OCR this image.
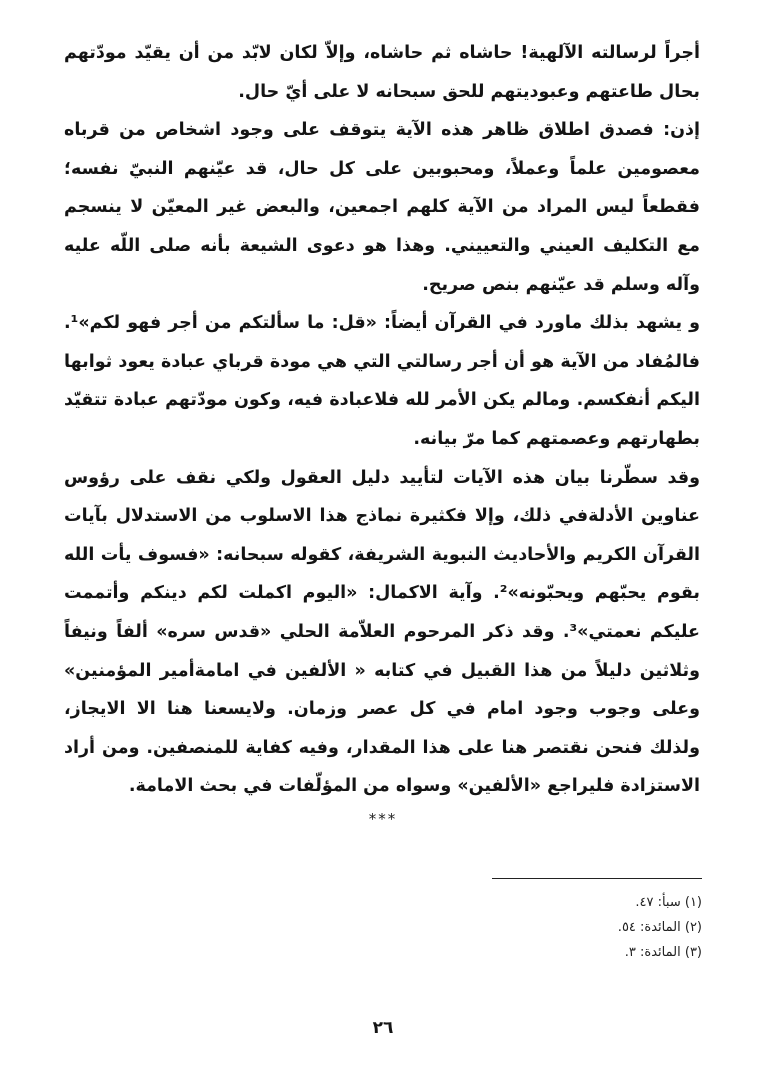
أجراً لرسالته الآلهية! حاشاه ثم حاشاه، وإلاّ لكان لابّد من أن يقيّد مودّتهم بحال طاعتهم وعبوديتهم للحق سبحانه لا على أيّ حال.

إذن: فصدق اطلاق ظاهر هذه الآية يتوقف على وجود اشخاص من قرباه معصومين علماً وعملاً، ومحبوبين على كل حال، قد عيّنهم النبيّ نفسه؛ فقطعاً ليس المراد من الآية كلهم اجمعين، والبعض غير المعيّن لا ينسجم مع التكليف العيني والتعييني. وهذا هو دعوى الشيعة بأنه صلى اللّه عليه وآله وسلم قد عيّنهم بنص صريح.

و يشهد بذلك ماورد في القرآن أيضاً: «قل: ما سألتكم من أجر فهو لكم»¹. فالمُفاد من الآية هو أن أجر رسالتي التي هي مودة قرباي عبادة يعود ثوابها اليكم أنفكسم. ومالم يكن الأمر لله فلاعبادة فيه، وكون مودّتهم عبادة تتقيّد بطهارتهم وعصمتهم كما مرّ بيانه.

وقد سطّرنا بيان هذه الآيات لتأييد دليل العقول ولكي نقف على رؤوس عناوين الأدلةفي ذلك، وإلا فكثيرة نماذج هذا الاسلوب من الاستدلال بآيات القرآن الكريم والأحاديث النبوية الشريفة، كقوله سبحانه: «فسوف يأت الله بقوم يحبّهم ويحبّونه»². وآية الاكمال: «اليوم اكملت لكم دينكم وأتممت عليكم نعمتي»³. وقد ذكر المرحوم العلاّمة الحلي «قدس سره» ألفاً ونيفاً وثلاثين دليلاً من هذا القبيل في كتابه « الألفين في امامةأمير المؤمنين» وعلى وجوب وجود امام في كل عصر وزمان. ولايسعنا هنا الا الايجاز، ولذلك فنحن نقتصر هنا على هذا المقدار، وفيه كفاية للمنصفين. ومن أراد الاستزادة فليراجع «الألفين» وسواه من المؤلّفات في بحث الامامة.

***

(١) سبأ: ٤٧.

(٢) المائدة: ٥٤.

(٣) المائدة: ٣.

٢٦
